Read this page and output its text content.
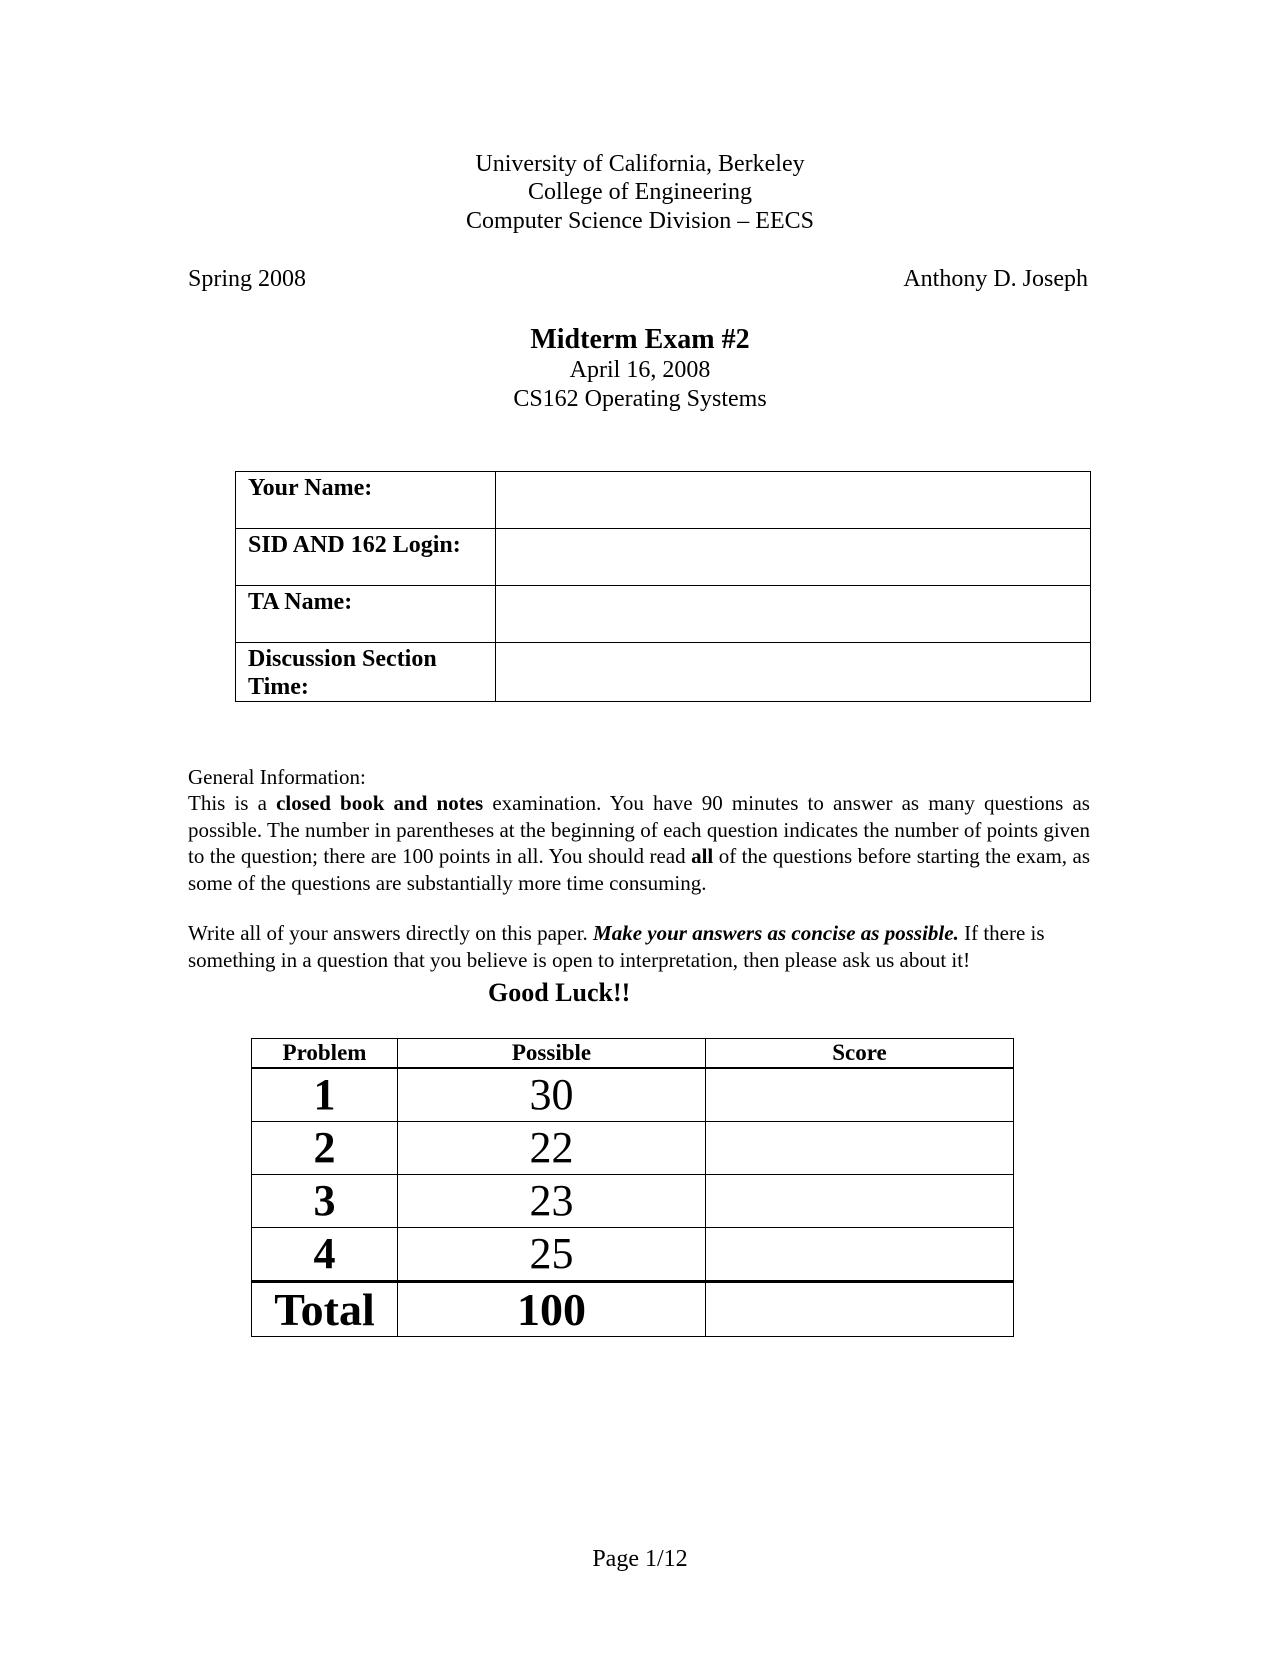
University of California, Berkeley
College of Engineering
Computer Science Division – EECS
Spring 2008	Anthony D. Joseph
Midterm Exam #2
April 16, 2008
CS162 Operating Systems
Your Name:	

SID AND 162 Login:	

TA Name:	

Discussion Section
Time:	

General Information:
This is a closed book and notes examination. You have 90 minutes to answer as many questions as possible. The number in parentheses at the beginning of each question indicates the number of points given to the question; there are 100 points in all. You should read all of the questions before starting the exam, as some of the questions are substantially more time consuming.
Write all of your answers directly on this paper. Make your answers as concise as possible. If there is something in a question that you believe is open to interpretation, then please ask us about it!
Good Luck!!
Problem	Possible	Score
1	30	
2	22	
3	23	
4	25	
Total	100	
Page 1/12
